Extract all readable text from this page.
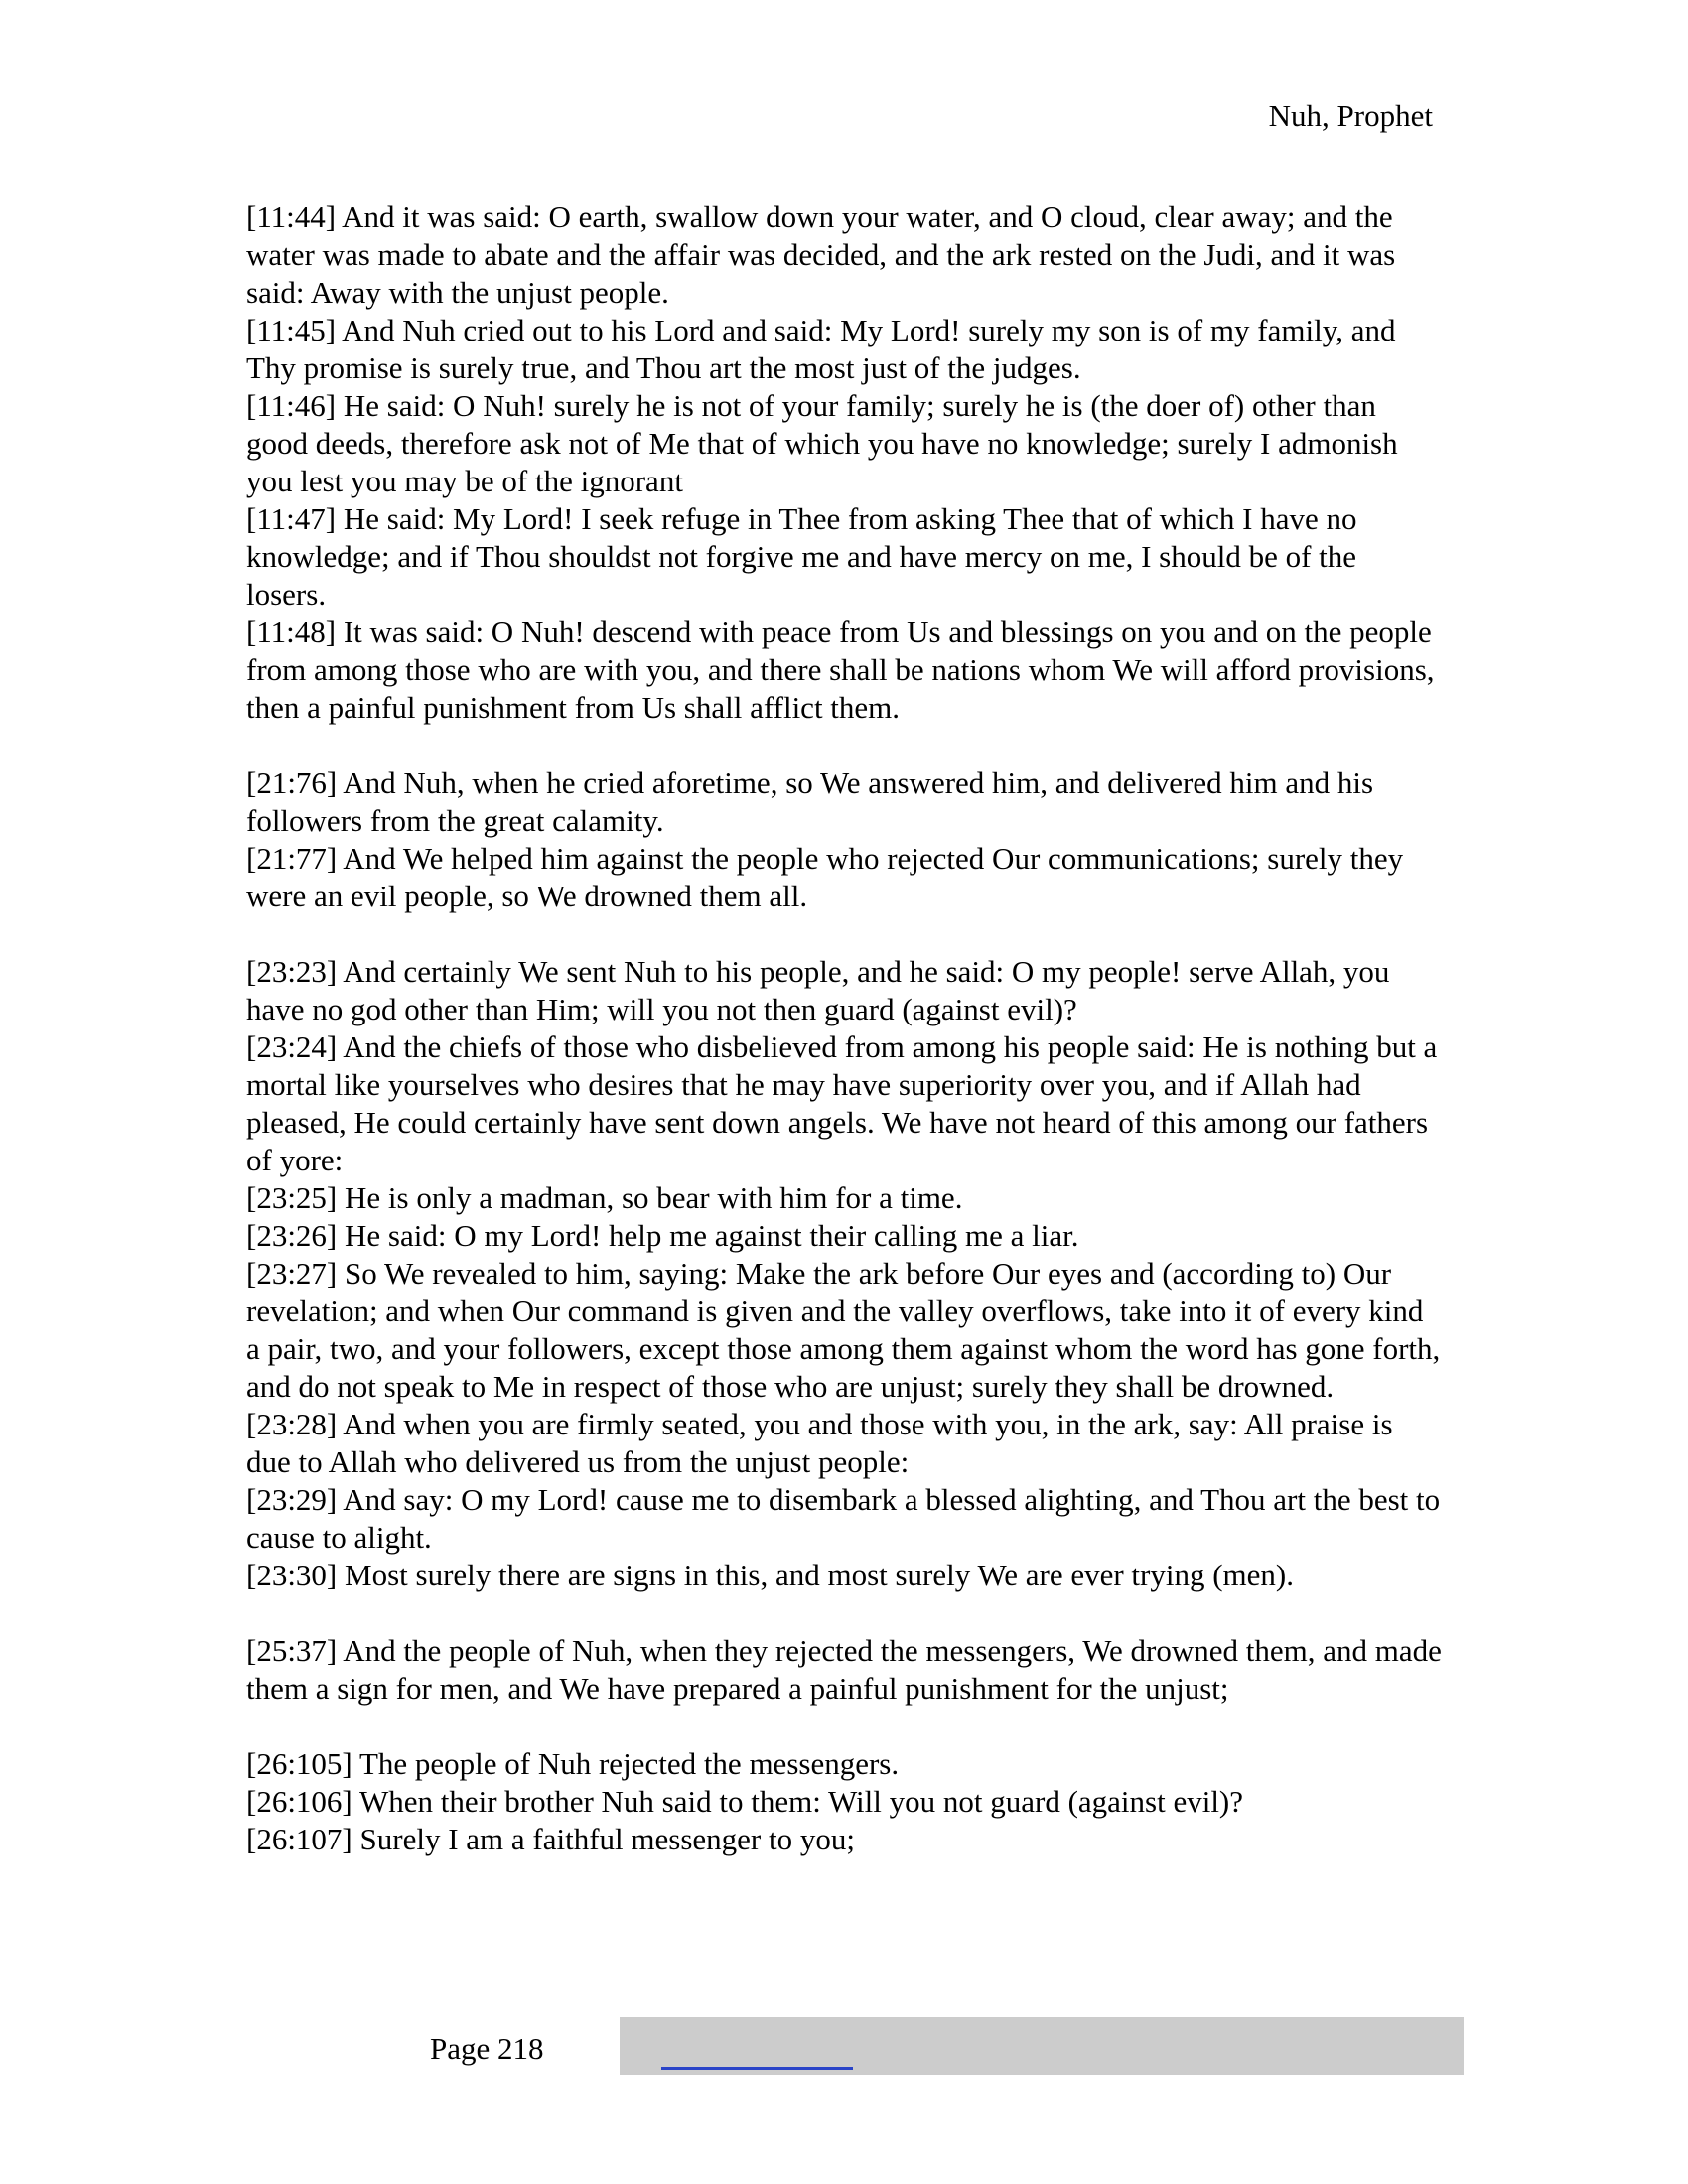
Nuh, Prophet
[11:44] And it was said: O earth, swallow down your water, and O cloud, clear away; and the water was made to abate and the affair was decided, and the ark rested on the Judi, and it was said: Away with the unjust people.
[11:45] And Nuh cried out to his Lord and said: My Lord! surely my son is of my family, and Thy promise is surely true, and Thou art the most just of the judges.
[11:46] He said: O Nuh! surely he is not of your family; surely he is (the doer of) other than good deeds, therefore ask not of Me that of which you have no knowledge; surely I admonish you lest you may be of the ignorant
[11:47] He said: My Lord! I seek refuge in Thee from asking Thee that of which I have no knowledge; and if Thou shouldst not forgive me and have mercy on me, I should be of the losers.
[11:48] It was said: O Nuh! descend with peace from Us and blessings on you and on the people from among those who are with you, and there shall be nations whom We will afford provisions, then a painful punishment from Us shall afflict them.
[21:76] And Nuh, when he cried aforetime, so We answered him, and delivered him and his followers from the great calamity.
[21:77] And We helped him against the people who rejected Our communications; surely they were an evil people, so We drowned them all.
[23:23] And certainly We sent Nuh to his people, and he said: O my people! serve Allah, you have no god other than Him; will you not then guard (against evil)?
[23:24] And the chiefs of those who disbelieved from among his people said: He is nothing but a mortal like yourselves who desires that he may have superiority over you, and if Allah had pleased, He could certainly have sent down angels. We have not heard of this among our fathers of yore:
[23:25] He is only a madman, so bear with him for a time.
[23:26] He said: O my Lord! help me against their calling me a liar.
[23:27] So We revealed to him, saying: Make the ark before Our eyes and (according to) Our revelation; and when Our command is given and the valley overflows, take into it of every kind a pair, two, and your followers, except those among them against whom the word has gone forth, and do not speak to Me in respect of those who are unjust; surely they shall be drowned.
[23:28] And when you are firmly seated, you and those with you, in the ark, say: All praise is due to Allah who delivered us from the unjust people:
[23:29] And say: O my Lord! cause me to disembark a blessed alighting, and Thou art the best to cause to alight.
[23:30] Most surely there are signs in this, and most surely We are ever trying (men).
[25:37] And the people of Nuh, when they rejected the messengers, We drowned them, and made them a sign for men, and We have prepared a painful punishment for the unjust;
[26:105] The people of Nuh rejected the messengers.
[26:106] When their brother Nuh said to them: Will you not guard (against evil)?
[26:107] Surely I am a faithful messenger to you;
Page 218
